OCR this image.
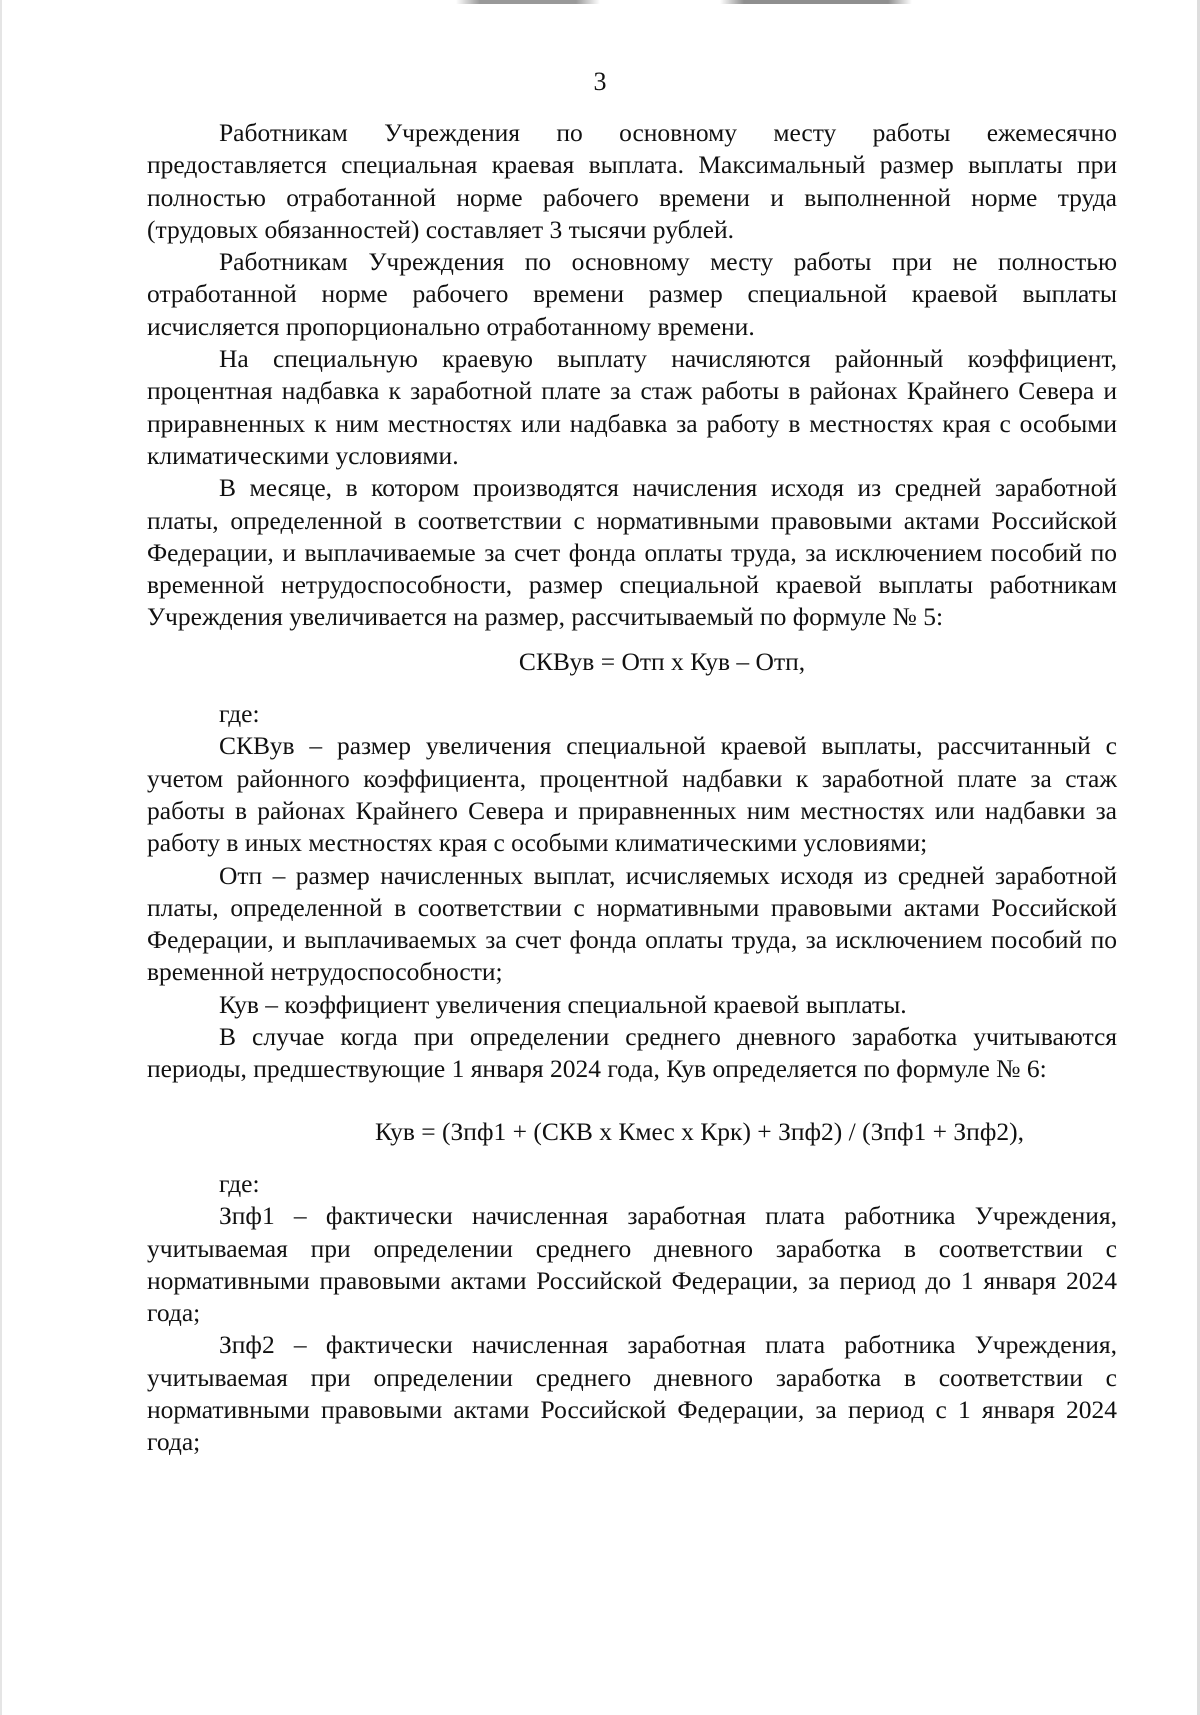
3

Работникам Учреждения по основному месту работы ежемесячно предоставляется специальная краевая выплата. Максимальный размер выплаты при полностью отработанной норме рабочего времени и выполненной норме труда (трудовых обязанностей) составляет 3 тысячи рублей.

Работникам Учреждения по основному месту работы при не полностью отработанной норме рабочего времени размер специальной краевой выплаты исчисляется пропорционально отработанному времени.

На специальную краевую выплату начисляются районный коэффициент, процентная надбавка к заработной плате за стаж работы в районах Крайнего Севера и приравненных к ним местностях или надбавка за работу в местностях края с особыми климатическими условиями.

В месяце, в котором производятся начисления исходя из средней заработной платы, определенной в соответствии с нормативными правовыми актами Российской Федерации, и выплачиваемые за счет фонда оплаты труда, за исключением пособий по временной нетрудоспособности, размер специальной краевой выплаты работникам Учреждения увеличивается на размер, рассчитываемый по формуле № 5:

СКВув = Отп х Кув – Отп,

где:

СКВув – размер увеличения специальной краевой выплаты, рассчитанный с учетом районного коэффициента, процентной надбавки к заработной плате за стаж работы в районах Крайнего Севера и приравненных ним местностях или надбавки за работу в иных местностях края с особыми климатическими условиями;

Отп – размер начисленных выплат, исчисляемых исходя из средней заработной платы, определенной в соответствии с нормативными правовыми актами Российской Федерации, и выплачиваемых за счет фонда оплаты труда, за исключением пособий по временной нетрудоспособности;

Кув – коэффициент увеличения специальной краевой выплаты.

В случае когда при определении среднего дневного заработка учитываются периоды, предшествующие 1 января 2024 года, Кув определяется по формуле № 6:

Кув = (Зпф1 + (СКВ х Кмес х Крк) + Зпф2) / (Зпф1 + Зпф2),

где:

Зпф1 – фактически начисленная заработная плата работника Учреждения, учитываемая при определении среднего дневного заработка в соответствии с нормативными правовыми актами Российской Федерации, за период до 1 января 2024 года;

Зпф2 – фактически начисленная заработная плата работника Учреждения, учитываемая при определении среднего дневного заработка в соответствии с нормативными правовыми актами Российской Федерации, за период с 1 января 2024 года;
